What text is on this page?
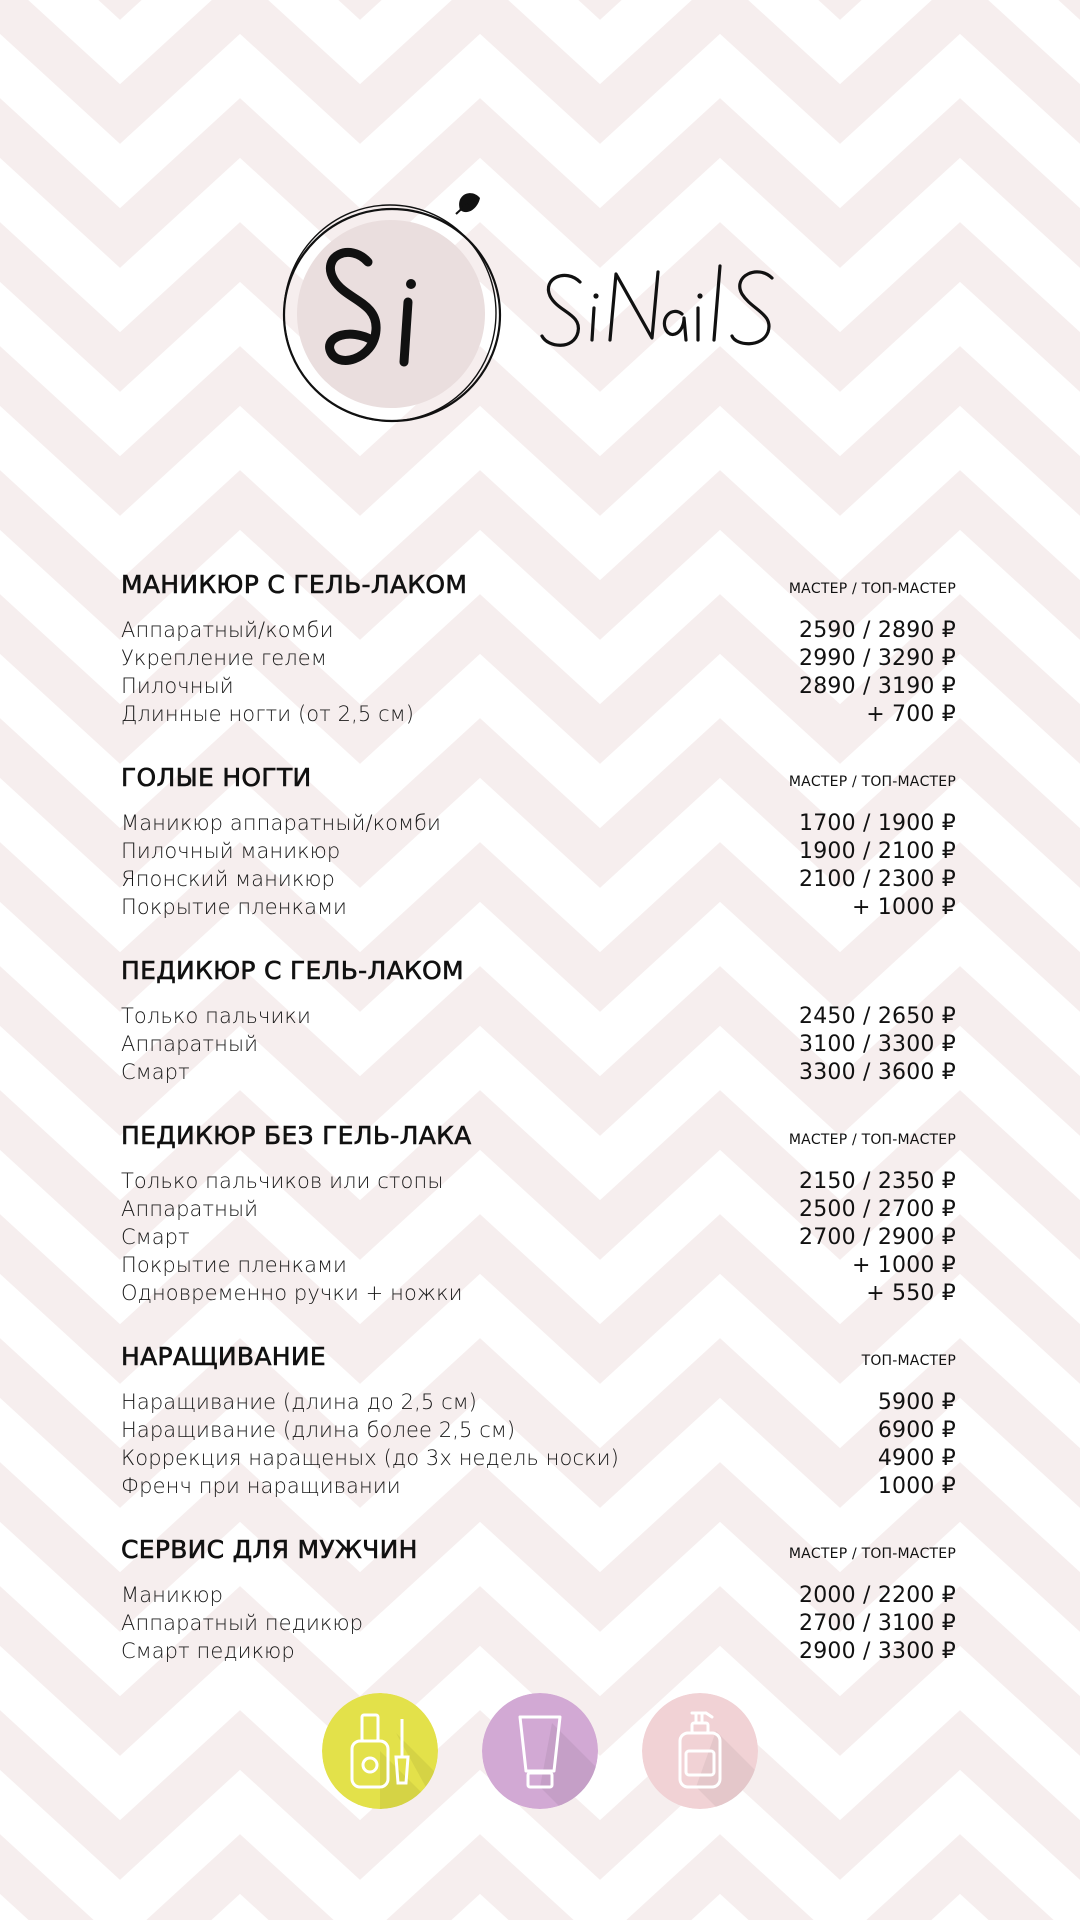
МАНИКЮР С ГЕЛЬ-ЛАКОМ	МАСТЕР / ТОП-МАСТЕР
Аппаратный/комби	2590 / 2890 ₽
Укрепление гелем	2990 / 3290 ₽
Пилочный	2890 / 3190 ₽
Длинные ногти (от 2,5 см)	+ 700 ₽
ГОЛЫЕ НОГТИ	МАСТЕР / ТОП-МАСТЕР
Маникюр аппаратный/комби	1700 / 1900 ₽
Пилочный маникюр	1900 / 2100 ₽
Японский маникюр	2100 / 2300 ₽
Покрытие пленками	+ 1000 ₽
ПЕДИКЮР С ГЕЛЬ-ЛАКОМ
Только пальчики	2450 / 2650 ₽
Аппаратный	3100 / 3300 ₽
Смарт	3300 / 3600 ₽
ПЕДИКЮР БЕЗ ГЕЛЬ-ЛАКА	МАСТЕР / ТОП-МАСТЕР
Только пальчиков или стопы	2150 / 2350 ₽
Аппаратный	2500 / 2700 ₽
Смарт	2700 / 2900 ₽
Покрытие пленками	+ 1000 ₽
Одновременно ручки + ножки	+ 550 ₽
НАРАЩИВАНИЕ	ТОП-МАСТЕР
Наращивание (длина до 2,5 см)	5900 ₽
Наращивание (длина более 2,5 см)	6900 ₽
Коррекция наращеных (до 3х недель носки)	4900 ₽
Френч при наращивании	1000 ₽
СЕРВИС ДЛЯ МУЖЧИН	МАСТЕР / ТОП-МАСТЕР
Маникюр	2000 / 2200 ₽
Аппаратный педикюр	2700 / 3100 ₽
Смарт педикюр	2900 / 3300 ₽
